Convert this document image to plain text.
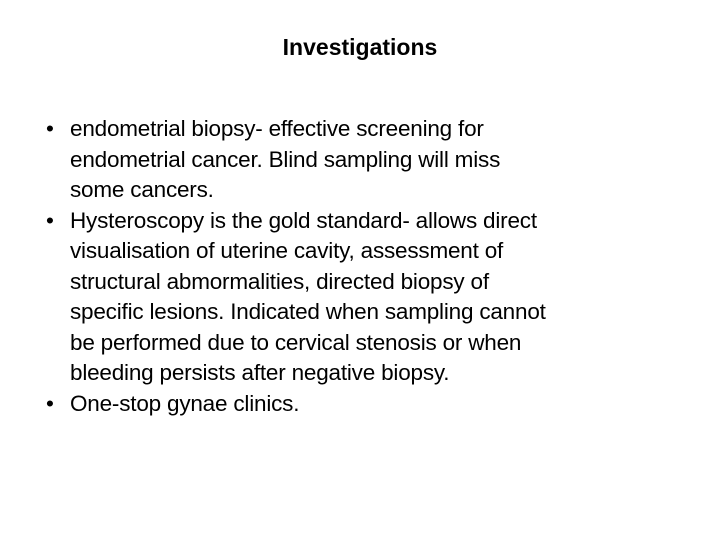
Investigations
• endometrial biopsy- effective screening for
endometrial cancer. Blind sampling will miss
some cancers.
• Hysteroscopy is the gold standard- allows direct
visualisation of uterine cavity, assessment of
structural abmormalities, directed biopsy of
specific lesions. Indicated when sampling cannot
be performed due to cervical stenosis or when
bleeding persists after negative biopsy.
• One-stop gynae clinics.
